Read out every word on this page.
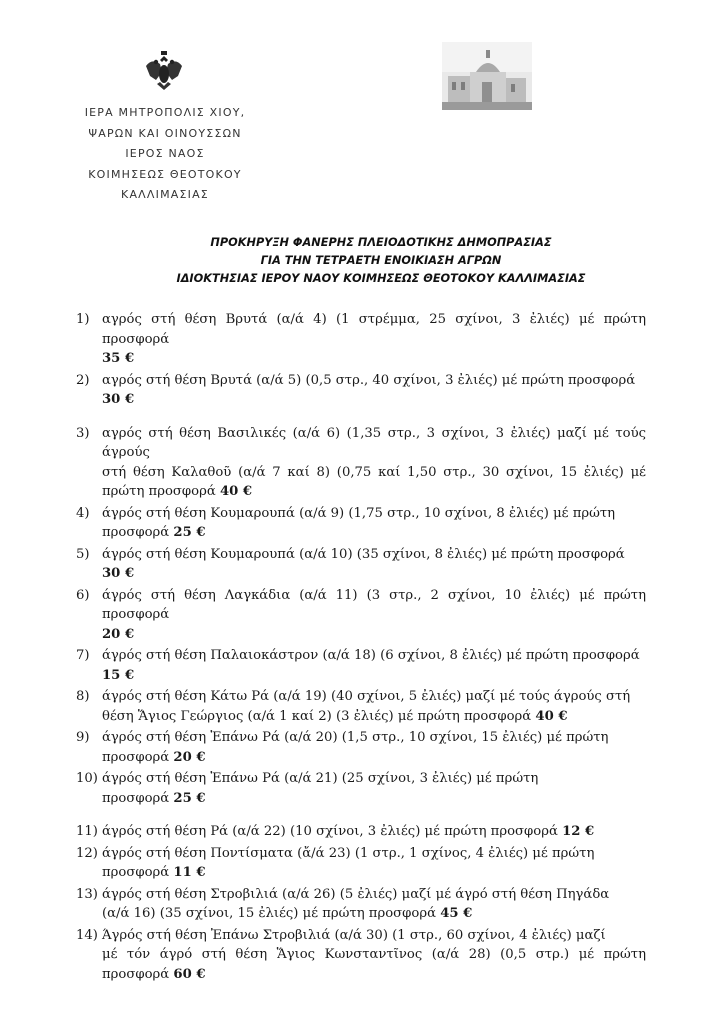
ΙΕΡΑ ΜΗΤΡΟΠΟΛΙΣ ΧΙΟΥ,
ΨΑΡΩΝ ΚΑΙ ΟΙΝΟΥΣΣΩΝ
ΙΕΡΟΣ ΝΑΟΣ
ΚΟΙΜΗΣΕΩΣ ΘΕΟΤΟΚΟΥ
ΚΑΛΛΙΜΑΣΙΑΣ
ΠΡΟΚΗΡΥΞΗ ΦΑΝΕΡΗΣ ΠΛΕΙΟΔΟΤΙΚΗΣ ΔΗΜΟΠΡΑΣΙΑΣ
ΓΙΑ ΤΗΝ ΤΕΤΡΑΕΤΗ ΕΝΟΙΚΙΑΣΗ ΑΓΡΩΝ
ΙΔΙΟΚΤΗΣΙΑΣ ΙΕΡΟΥ ΝΑΟΥ ΚΟΙΜΗΣΕΩΣ ΘΕΟΤΟΚΟΥ ΚΑΛΛΙΜΑΣΙΑΣ
1) αγρός στή θέση Βρυτά (α/ά 4) (1 στρέμμα, 25 σχίνοι, 3 ἐλιές) μέ πρώτη προσφορά
35 €
2) αγρός στή θέση Βρυτά (α/ά 5) (0,5 στρ., 40 σχίνοι, 3 ἐλιές) μέ πρώτη προσφορά
30 €
3) αγρός στή θέση Βασιλικές (α/ά 6) (1,35 στρ., 3 σχίνοι, 3 ἐλιές) μαζί μέ τούς άγρούς
στή θέση Καλαθοῦ (α/ά 7 καί 8) (0,75 καί 1,50 στρ., 30 σχίνοι, 15 ἐλιές) μέ πρώτη προσφορά 40 €
4) άγρός στή θέση Κουμαρουπά (α/ά 9) (1,75 στρ., 10 σχίνοι, 8 ἐλιές) μέ πρώτη
προσφορά 25 €
5) άγρός στή θέση Κουμαρουπά (α/ά 10) (35 σχίνοι, 8 ἐλιές) μέ πρώτη προσφορά
30 €
6) άγρός στή θέση Λαγκάδια (α/ά 11) (3 στρ., 2 σχίνοι, 10 ἐλιές) μέ πρώτη προσφορά
20 €
7) άγρός στή θέση Παλαιοκάστρον (α/ά 18) (6 σχίνοι, 8 ἐλιές) μέ πρώτη προσφορά
15 €
8) άγρός στή θέση Κάτω Ρά (α/ά 19) (40 σχίνοι, 5 ἐλιές) μαζί μέ τούς άγρούς στή
θέση Ἅγιος Γεώργιος (α/ά 1 καί 2) (3 ἐλιές) μέ πρώτη προσφορά 40 €
9) άγρός στή θέση Ἐπάνω Ρά (α/ά 20) (1,5 στρ., 10 σχίνοι, 15 ἐλιές) μέ πρώτη
προσφορά 20 €
10) άγρός στή θέση Ἐπάνω Ρά (α/ά 21) (25 σχίνοι, 3 ἐλιές) μέ πρώτη
προσφορά 25 €
11) άγρός στή θέση Ρά (α/ά 22) (10 σχίνοι, 3 ἐλιές) μέ πρώτη προσφορά 12 €
12) άγρός στή θέση Ποντίσματα (ἄ/ά 23) (1 στρ., 1 σχίνος, 4 ἐλιές) μέ πρώτη
προσφορά 11 €
13) άγρός στή θέση Στροβιλιά (α/ά 26) (5 ἐλιές) μαζί μέ άγρό στή θέση Πηγάδα
(α/ά 16) (35 σχίνοι, 15 ἐλιές) μέ πρώτη προσφορά 45 €
14) Άγρός στή θέση Ἐπάνω Στροβιλιά (α/ά 30) (1 στρ., 60 σχίνοι, 4 ἐλιές) μαζί
μέ τόν άγρό στή θέση Ἅγιος Κωνσταντῖνος (α/ά 28) (0,5 στρ.) μέ πρώτη προσφορά 60 €
